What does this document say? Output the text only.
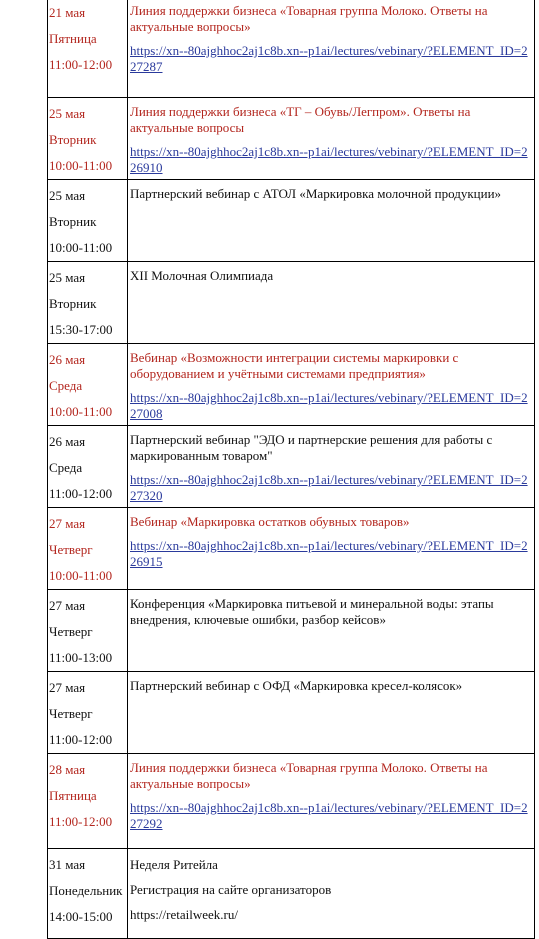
21 мая
Пятница
11:00-12:00	Линия поддержки бизнеса «Товарная группа Молоко. Ответы на актуальные вопросы»
https://xn--80ajghhoc2aj1c8b.xn--p1ai/lectures/vebinary/?ELEMENT_ID=227287

25 мая
Вторник
10:00-11:00	Линия поддержки бизнеса «ТГ – Обувь/Легпром». Ответы на актуальные вопросы
https://xn--80ajghhoc2aj1c8b.xn--p1ai/lectures/vebinary/?ELEMENT_ID=226910

25 мая
Вторник
10:00-11:00	Партнерский вебинар с АТОЛ «Маркировка молочной продукции»

25 мая
Вторник
15:30-17:00	XII Молочная Олимпиада

26 мая
Среда
10:00-11:00	Вебинар «Возможности интеграции системы маркировки с оборудованием и учётными системами предприятия»
https://xn--80ajghhoc2aj1c8b.xn--p1ai/lectures/vebinary/?ELEMENT_ID=227008

26 мая
Среда
11:00-12:00	Партнерский вебинар "ЭДО и партнерские решения для работы с маркированным товаром"
https://xn--80ajghhoc2aj1c8b.xn--p1ai/lectures/vebinary/?ELEMENT_ID=227320

27 мая
Четверг
10:00-11:00	Вебинар «Маркировка остатков обувных товаров»
https://xn--80ajghhoc2aj1c8b.xn--p1ai/lectures/vebinary/?ELEMENT_ID=226915

27 мая
Четверг
11:00-13:00	Конференция «Маркировка питьевой и минеральной воды: этапы внедрения, ключевые ошибки, разбор кейсов»

27 мая
Четверг
11:00-12:00	Партнерский вебинар с ОФД «Маркировка кресел-колясок»

28 мая
Пятница
11:00-12:00	Линия поддержки бизнеса «Товарная группа Молоко. Ответы на актуальные вопросы»
https://xn--80ajghhoc2aj1c8b.xn--p1ai/lectures/vebinary/?ELEMENT_ID=227292

31 мая
Понедельник
14:00-15:00	Неделя Ритейла
Регистрация на сайте организаторов
https://retailweek.ru/
